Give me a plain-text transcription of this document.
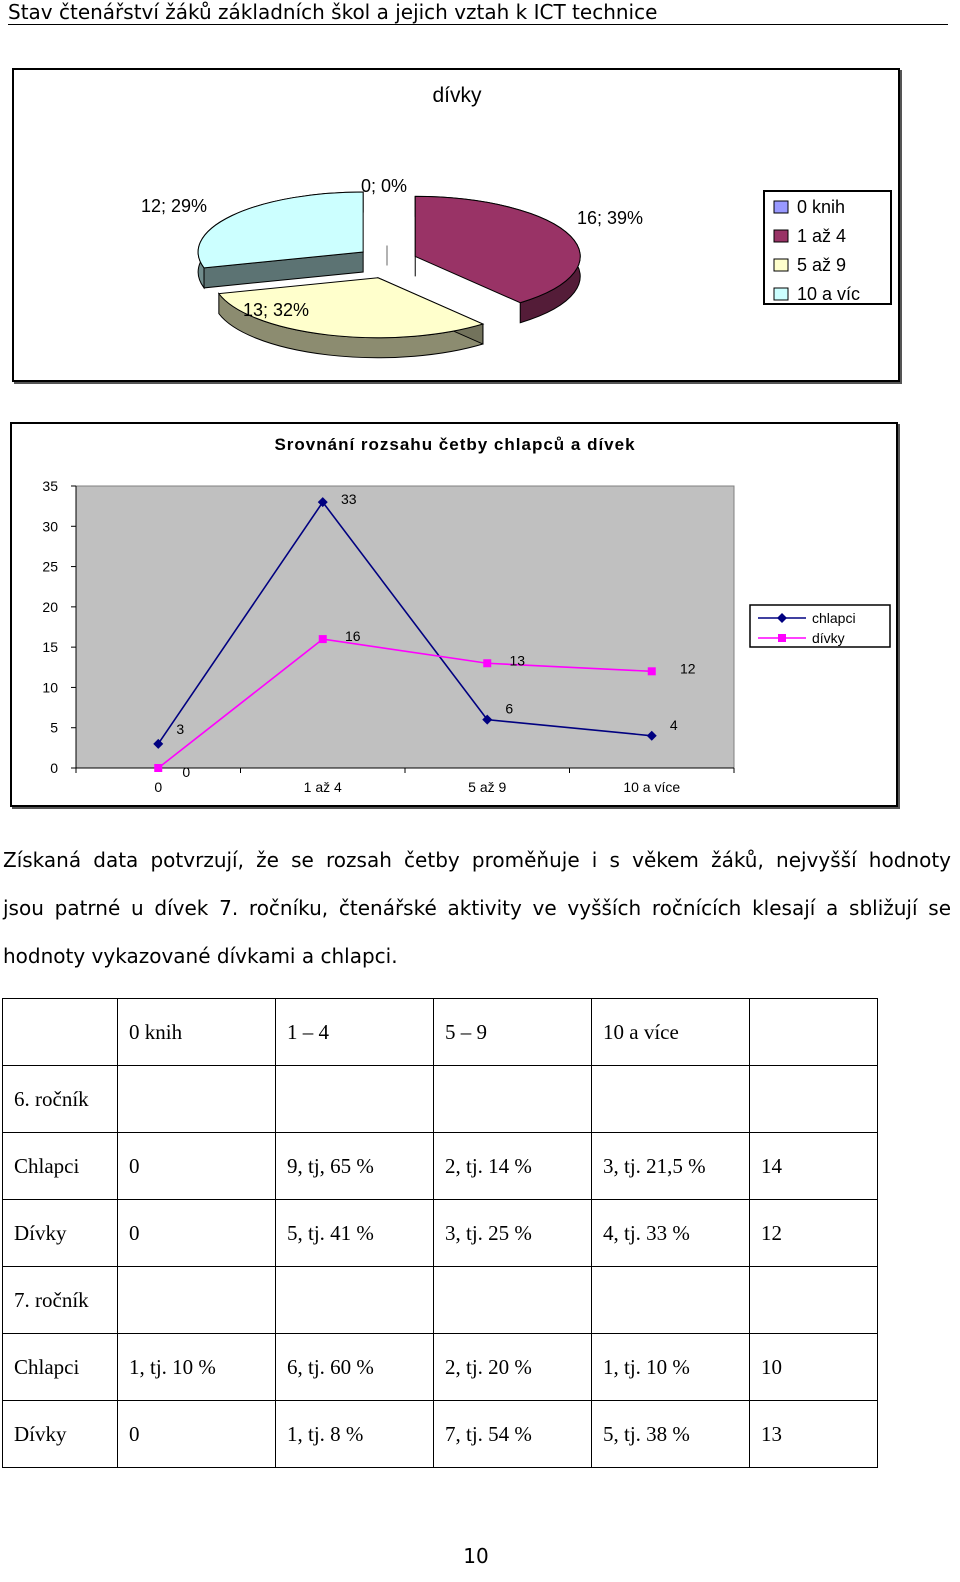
Stav čtenářství žáků základních škol a jejich vztah k ICT technice
dívky
0; 0%
16; 39%
13; 32%
12; 29%	0 knih
1 až 4
5 až 9
10 a víc
Srovnání rozsahu četby chlapců a dívek
0
5
10
15
20
25
30
35
0	1 až 4	5 až 9	10 a více
3
33
6
4
0
16
13
12
chlapci
dívky
Získaná data potvrzují, že se rozsah četby proměňuje i s věkem žáků, nejvyšší hodnoty
jsou patrné u dívek 7. ročníku, čtenářské aktivity ve vyšších ročnících klesají a sbližují se
hodnoty vykazované dívkami a chlapci.
	0 knih	1 – 4	5 – 9	10 a více	
6. ročník					
Chlapci	0	9, tj, 65 %	2, tj. 14 %	3, tj. 21,5 %	14
Dívky	0	5, tj. 41 %	3, tj. 25 %	4, tj. 33 %	12
7. ročník					
Chlapci	1, tj. 10 %	6, tj. 60 %	2, tj. 20 %	1, tj. 10 %	10
Dívky	0	1, tj. 8 %	7, tj. 54 %	5, tj. 38 %	13
10
